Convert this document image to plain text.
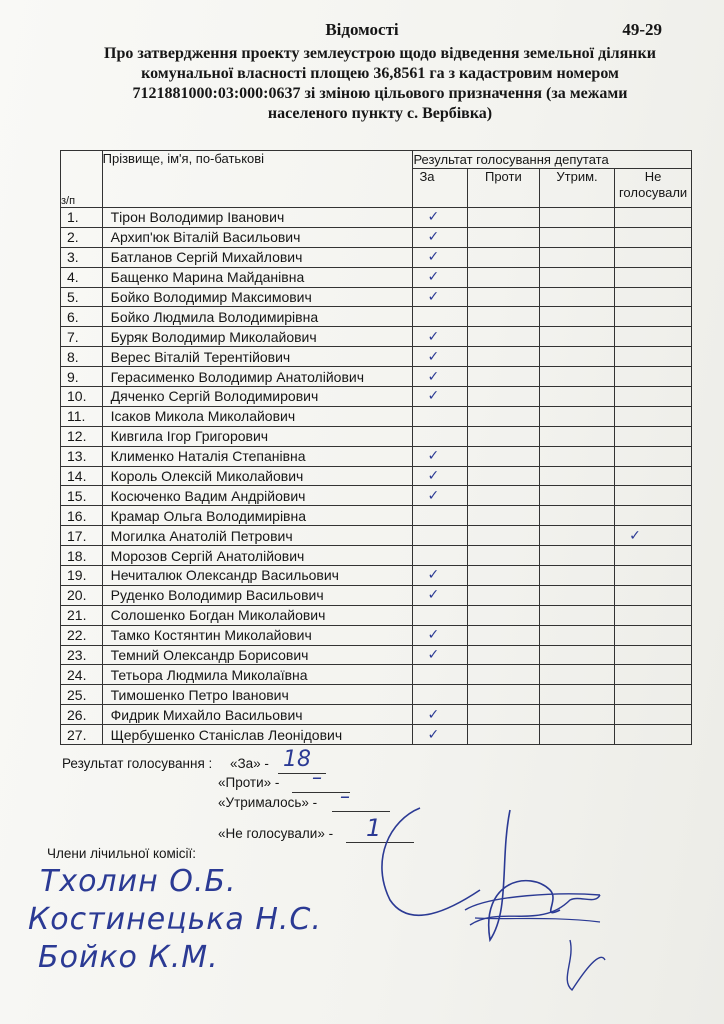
Відомості	49-29
Про затвердження проекту землеустрою щодо відведення земельної ділянки
комунальної власності площею 36,8561 га з кадастровим номером
7121881000:03:000:0637 зі зміною цільового призначення (за межами
населеного пункту с. Вербівка)
з/п	Прізвище, ім'я, по-батькові	Результат голосування депутата			
		За	Проти	Утрим.	Не голосували
1.	Тірон Володимир Іванович	✓			
2.	Архип'юк Віталій Васильович	✓			
3.	Батланов Сергій Михайлович	✓			
4.	Бащенко Марина Майданівна	✓			
5.	Бойко Володимир Максимович	✓			
6.	Бойко Людмила Володимирівна				
7.	Буряк Володимир Миколайович	✓			
8.	Верес Віталій Терентійович	✓			
9.	Герасименко Володимир Анатолійович	✓			
10.	Дяченко Сергій Володимирович	✓			
11.	Ісаков Микола Миколайович				
12.	Кивгила Ігор Григорович				
13.	Клименко Наталія Степанівна	✓			
14.	Король Олексій Миколайович	✓			
15.	Косюченко Вадим Андрійович	✓			
16.	Крамар Ольга Володимирівна				
17.	Могилка Анатолій Петрович				✓
18.	Морозов Сергій Анатолійович				
19.	Нечиталюк Олександр Васильович	✓			
20.	Руденко Володимир Васильович	✓			
21.	Солошенко Богдан Миколайович				
22.	Тамко Костянтин Миколайович	✓			
23.	Темний Олександр Борисович	✓			
24.	Тетьора Людмила Миколаївна				
25.	Тимошенко Петро Іванович				
26.	Фидрик Михайло Васильович	✓			
27.	Щербушенко Станіслав Леонідович	✓			
Результат голосування : «За» - 18
«Проти» - –
«Утрималось» - –
«Не голосували» - 1
Члени лічильної комісії:
Тхолин О.Б.
Костинецька Н.С.
Бойко К.М.
